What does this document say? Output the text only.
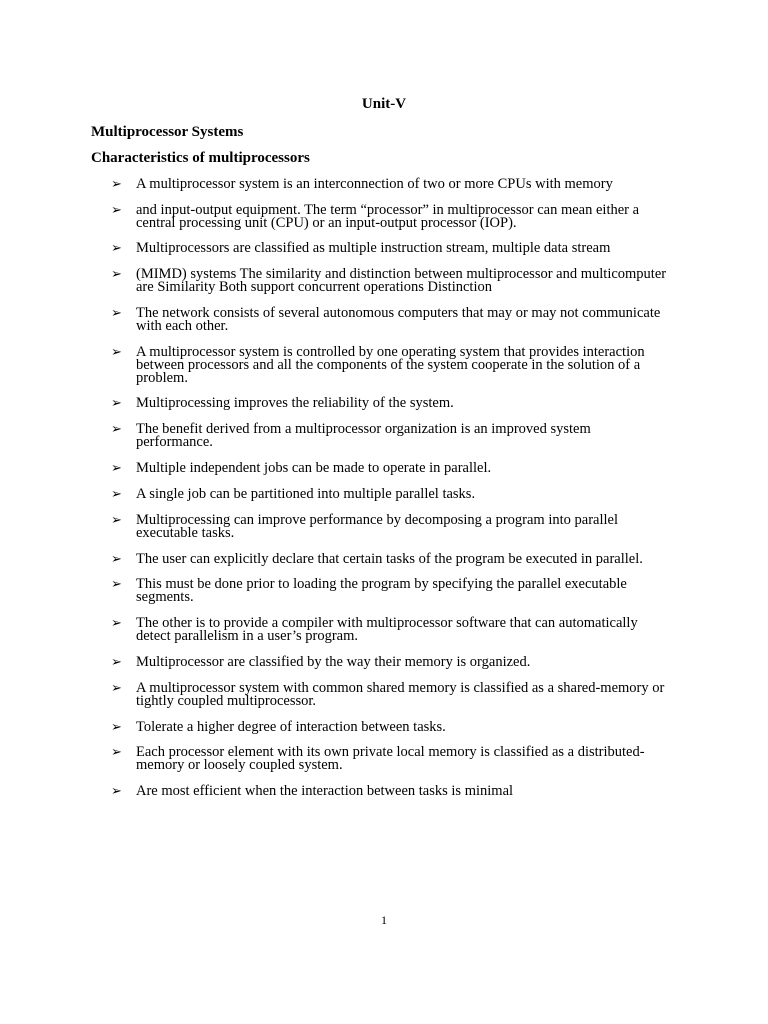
Unit-V
Multiprocessor Systems
Characteristics of multiprocessors
➢ A multiprocessor system is an interconnection of two or more CPUs with memory
➢ and input-output equipment. The term “processor” in multiprocessor can mean either a central processing unit (CPU) or an input-output processor (IOP).
➢ Multiprocessors are classified as multiple instruction stream, multiple data stream
➢ (MIMD) systems The similarity and distinction between multiprocessor and multicomputer are Similarity Both support concurrent operations Distinction
➢ The network consists of several autonomous computers that may or may not communicate with each other.
➢ A multiprocessor system is controlled by one operating system that provides interaction between processors and all the components of the system cooperate in the solution of a problem.
➢ Multiprocessing improves the reliability of the system.
➢ The benefit derived from a multiprocessor organization is an improved system performance.
➢ Multiple independent jobs can be made to operate in parallel.
➢ A single job can be partitioned into multiple parallel tasks.
➢ Multiprocessing can improve performance by decomposing a program into parallel executable tasks.
➢ The user can explicitly declare that certain tasks of the program be executed in parallel.
➢ This must be done prior to loading the program by specifying the parallel executable segments.
➢ The other is to provide a compiler with multiprocessor software that can automatically detect parallelism in a user’s program.
➢ Multiprocessor are classified by the way their memory is organized.
➢ A multiprocessor system with common shared memory is classified as a shared-memory or tightly coupled multiprocessor.
➢ Tolerate a higher degree of interaction between tasks.
➢ Each processor element with its own private local memory is classified as a distributed-memory or loosely coupled system.
➢ Are most efficient when the interaction between tasks is minimal
1
